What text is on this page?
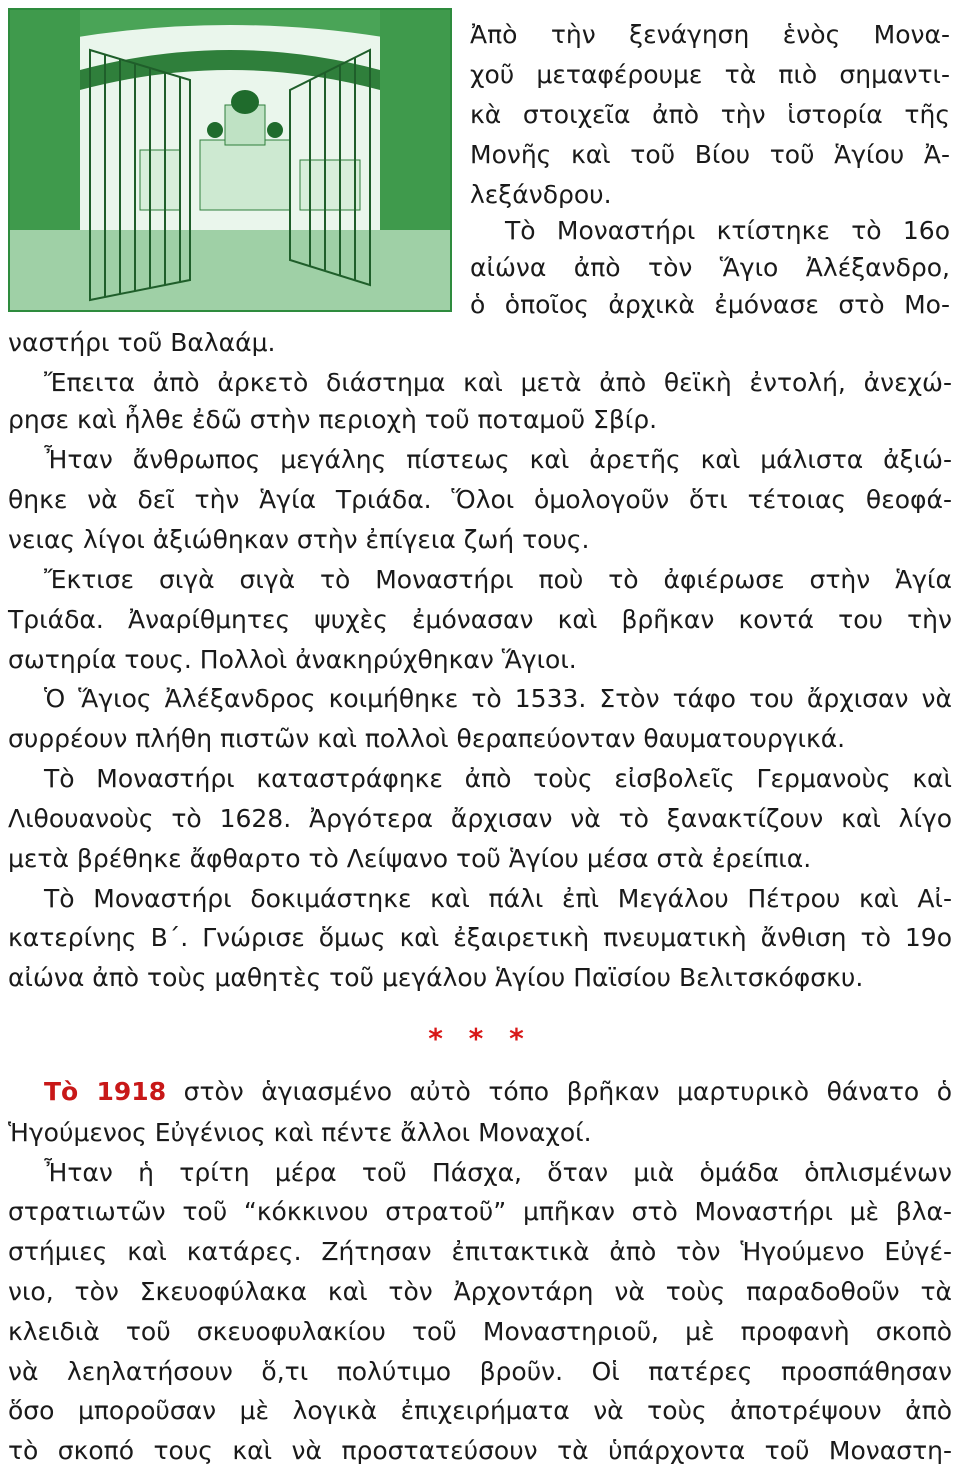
Ἀπὸ τὴν ξενάγηση ἑνὸς Μονα-

χοῦ μεταφέρουμε τὰ πιὸ σημαντι-

κὰ στοιχεῖα ἀπὸ τὴν ἱστορία τῆς

Μονῆς καὶ τοῦ Βίου τοῦ Ἁγίου Ἀ-

λεξάνδρου.

Τὸ Μοναστήρι κτίστηκε τὸ 16ο

αἰώνα ἀπὸ τὸν Ἅγιο Ἀλέξανδρο,

ὁ ὁποῖος ἀρχικὰ ἐμόνασε στὸ Μο-

ναστήρι τοῦ Βαλαάμ.

Ἔπειτα ἀπὸ ἀρκετὸ διάστημα καὶ μετὰ ἀπὸ θεϊκὴ ἐντολή, ἀνεχώ-

ρησε καὶ ἦλθε ἐδῶ στὴν περιοχὴ τοῦ ποταμοῦ Σβίρ.

Ἦταν ἄνθρωπος μεγάλης πίστεως καὶ ἀρετῆς καὶ μάλιστα ἀξιώ-

θηκε νὰ δεῖ τὴν Ἁγία Τριάδα. Ὅλοι ὁμολογοῦν ὅτι τέτοιας θεοφά-

νειας λίγοι ἀξιώθηκαν στὴν ἐπίγεια ζωή τους.

Ἔκτισε σιγὰ σιγὰ τὸ Μοναστήρι ποὺ τὸ ἀφιέρωσε στὴν Ἁγία

Τριάδα. Ἀναρίθμητες ψυχὲς ἐμόνασαν καὶ βρῆκαν κοντά του τὴν

σωτηρία τους. Πολλοὶ ἀνακηρύχθηκαν Ἅγιοι.

Ὁ Ἅγιος Ἀλέξανδρος κοιμήθηκε τὸ 1533. Στὸν τάφο του ἄρχισαν νὰ

συρρέουν πλήθη πιστῶν καὶ πολλοὶ θεραπεύονταν θαυματουργικά.

Τὸ Μοναστήρι καταστράφηκε ἀπὸ τοὺς εἰσβολεῖς Γερμανοὺς καὶ

Λιθουανοὺς τὸ 1628. Ἀργότερα ἄρχισαν νὰ τὸ ξανακτίζουν καὶ λίγο

μετὰ βρέθηκε ἄφθαρτο τὸ Λείψανο τοῦ Ἁγίου μέσα στὰ ἐρείπια.

Τὸ Μοναστήρι δοκιμάστηκε καὶ πάλι ἐπὶ Μεγάλου Πέτρου καὶ Αἰ-

κατερίνης Β΄. Γνώρισε ὅμως καὶ ἐξαιρετικὴ πνευματικὴ ἄνθιση τὸ 19ο

αἰώνα ἀπὸ τοὺς μαθητὲς τοῦ μεγάλου Ἁγίου Παϊσίου Βελιτσκόφσκυ.

* * *

Τὸ 1918 στὸν ἁγιασμένο αὐτὸ τόπο βρῆκαν μαρτυρικὸ θάνατο ὁ

Ἡγούμενος Εὐγένιος καὶ πέντε ἄλλοι Μοναχοί.

Ἦταν ἡ τρίτη μέρα τοῦ Πάσχα, ὅταν μιὰ ὁμάδα ὁπλισμένων

στρατιωτῶν τοῦ “κόκκινου στρατοῦ” μπῆκαν στὸ Μοναστήρι μὲ βλα-

στήμιες καὶ κατάρες. Ζήτησαν ἐπιτακτικὰ ἀπὸ τὸν Ἡγούμενο Εὐγέ-

νιο, τὸν Σκευοφύλακα καὶ τὸν Ἀρχοντάρη νὰ τοὺς παραδοθοῦν τὰ

κλειδιὰ τοῦ σκευοφυλακίου τοῦ Μοναστηριοῦ, μὲ προφανὴ σκοπὸ

νὰ λεηλατήσουν ὅ,τι πολύτιμο βροῦν. Οἱ πατέρες προσπάθησαν

ὅσο μποροῦσαν μὲ λογικὰ ἐπιχειρήματα νὰ τοὺς ἀποτρέψουν ἀπὸ

τὸ σκοπό τους καὶ νὰ προστατεύσουν τὰ ὑπάρχοντα τοῦ Μοναστη-
